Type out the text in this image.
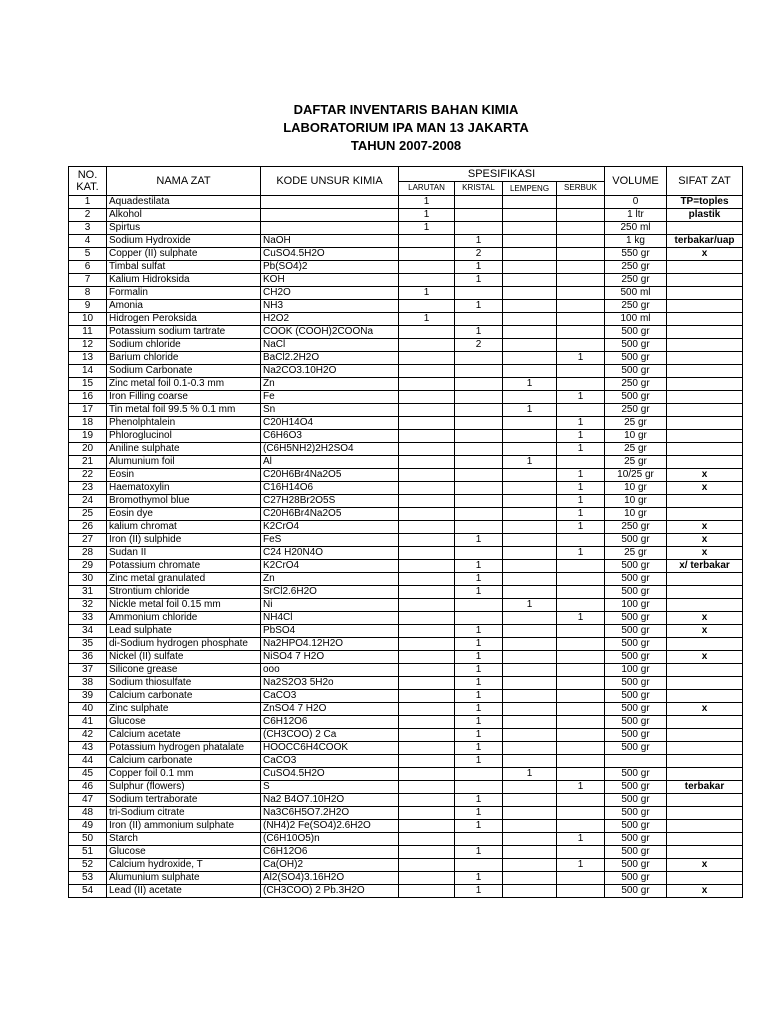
DAFTAR INVENTARIS BAHAN KIMIA
LABORATORIUM IPA MAN 13 JAKARTA
TAHUN 2007-2008
NO. KAT.	NAMA ZAT	KODE UNSUR KIMIA	SPESIFIKASI				VOLUME	SIFAT ZAT
			LARUTAN	KRISTAL	LEMPENG	SERBUK		
1	Aquadestilata		1				0	TP=toples
2	Alkohol		1				1 ltr	plastik
3	Spirtus		1				250 ml	
4	Sodium Hydroxide	NaOH		1			1 kg	terbakar/uap
5	Copper (II) sulphate	CuSO4.5H2O		2			550 gr	x
6	Timbal sulfat	Pb(SO4)2		1			250 gr	
7	Kalium Hidroksida	KOH		1			250 gr	
8	Formalin	CH2O	1				500 ml	
9	Amonia	NH3		1			250 gr	
10	Hidrogen Peroksida	H2O2	1				100 ml	
11	Potassium sodium tartrate	COOK (COOH)2COONa		1			500 gr	
12	Sodium chloride	NaCl		2			500 gr	
13	Barium chloride	BaCl2.2H2O				1	500 gr	
14	Sodium Carbonate	Na2CO3.10H2O					500 gr	
15	Zinc metal foil 0.1-0.3 mm	Zn			1		250 gr	
16	Iron Filling coarse	Fe				1	500 gr	
17	Tin metal foil 99.5 % 0.1 mm	Sn			1		250 gr	
18	Phenolphtalein	C20H14O4				1	25 gr	
19	Phloroglucinol	C6H6O3				1	10 gr	
20	Aniline sulphate	(C6H5NH2)2H2SO4				1	25 gr	
21	Alumunium foil	Al			1		25 gr	
22	Eosin	C20H6Br4Na2O5				1	10/25 gr	x
23	Haematoxylin	C16H14O6				1	10 gr	x
24	Bromothymol blue	C27H28Br2O5S				1	10 gr	
25	Eosin dye	C20H6Br4Na2O5				1	10 gr	
26	kalium chromat	K2CrO4				1	250 gr	x
27	Iron (II) sulphide	FeS		1			500 gr	x
28	Sudan II	C24 H20N4O				1	25 gr	x
29	Potassium chromate	K2CrO4		1			500 gr	x/ terbakar
30	Zinc metal granulated	Zn		1			500 gr	
31	Strontium chloride	SrCl2.6H2O		1			500 gr	
32	Nickle metal foil 0.15 mm	Ni			1		100 gr	
33	Ammonium chloride	NH4Cl				1	500 gr	x
34	Lead sulphate	PbSO4		1			500 gr	x
35	di-Sodium hydrogen phosphate	Na2HPO4.12H2O		1			500 gr	
36	Nickel (II) sulfate	NiSO4 7 H2O		1			500 gr	x
37	Silicone grease	ooo		1			100 gr	
38	Sodium thiosulfate	Na2S2O3 5H2o		1			500 gr	
39	Calcium carbonate	CaCO3		1			500 gr	
40	Zinc sulphate	ZnSO4 7 H2O		1			500 gr	x
41	Glucose	C6H12O6		1			500 gr	
42	Calcium acetate	(CH3COO) 2 Ca		1			500 gr	
43	Potassium hydrogen phatalate	HOOCC6H4COOK		1			500 gr	
44	Calcium carbonate	CaCO3		1				
45	Copper foil 0.1 mm	CuSO4.5H2O			1		500 gr	
46	Sulphur (flowers)	S				1	500 gr	terbakar
47	Sodium tertraborate	Na2 B4O7.10H2O		1			500 gr	
48	tri-Sodium citrate	Na3C6H5O7.2H2O		1			500 gr	
49	Iron (II) ammonium sulphate	(NH4)2 Fe(SO4)2.6H2O		1			500 gr	
50	Starch	(C6H10O5)n				1	500 gr	
51	Glucose	C6H12O6		1			500 gr	
52	Calcium hydroxide, T	Ca(OH)2				1	500 gr	x
53	Alumunium sulphate	Al2(SO4)3.16H2O		1			500 gr	
54	Lead (II) acetate	(CH3COO) 2 Pb.3H2O		1			500 gr	x
